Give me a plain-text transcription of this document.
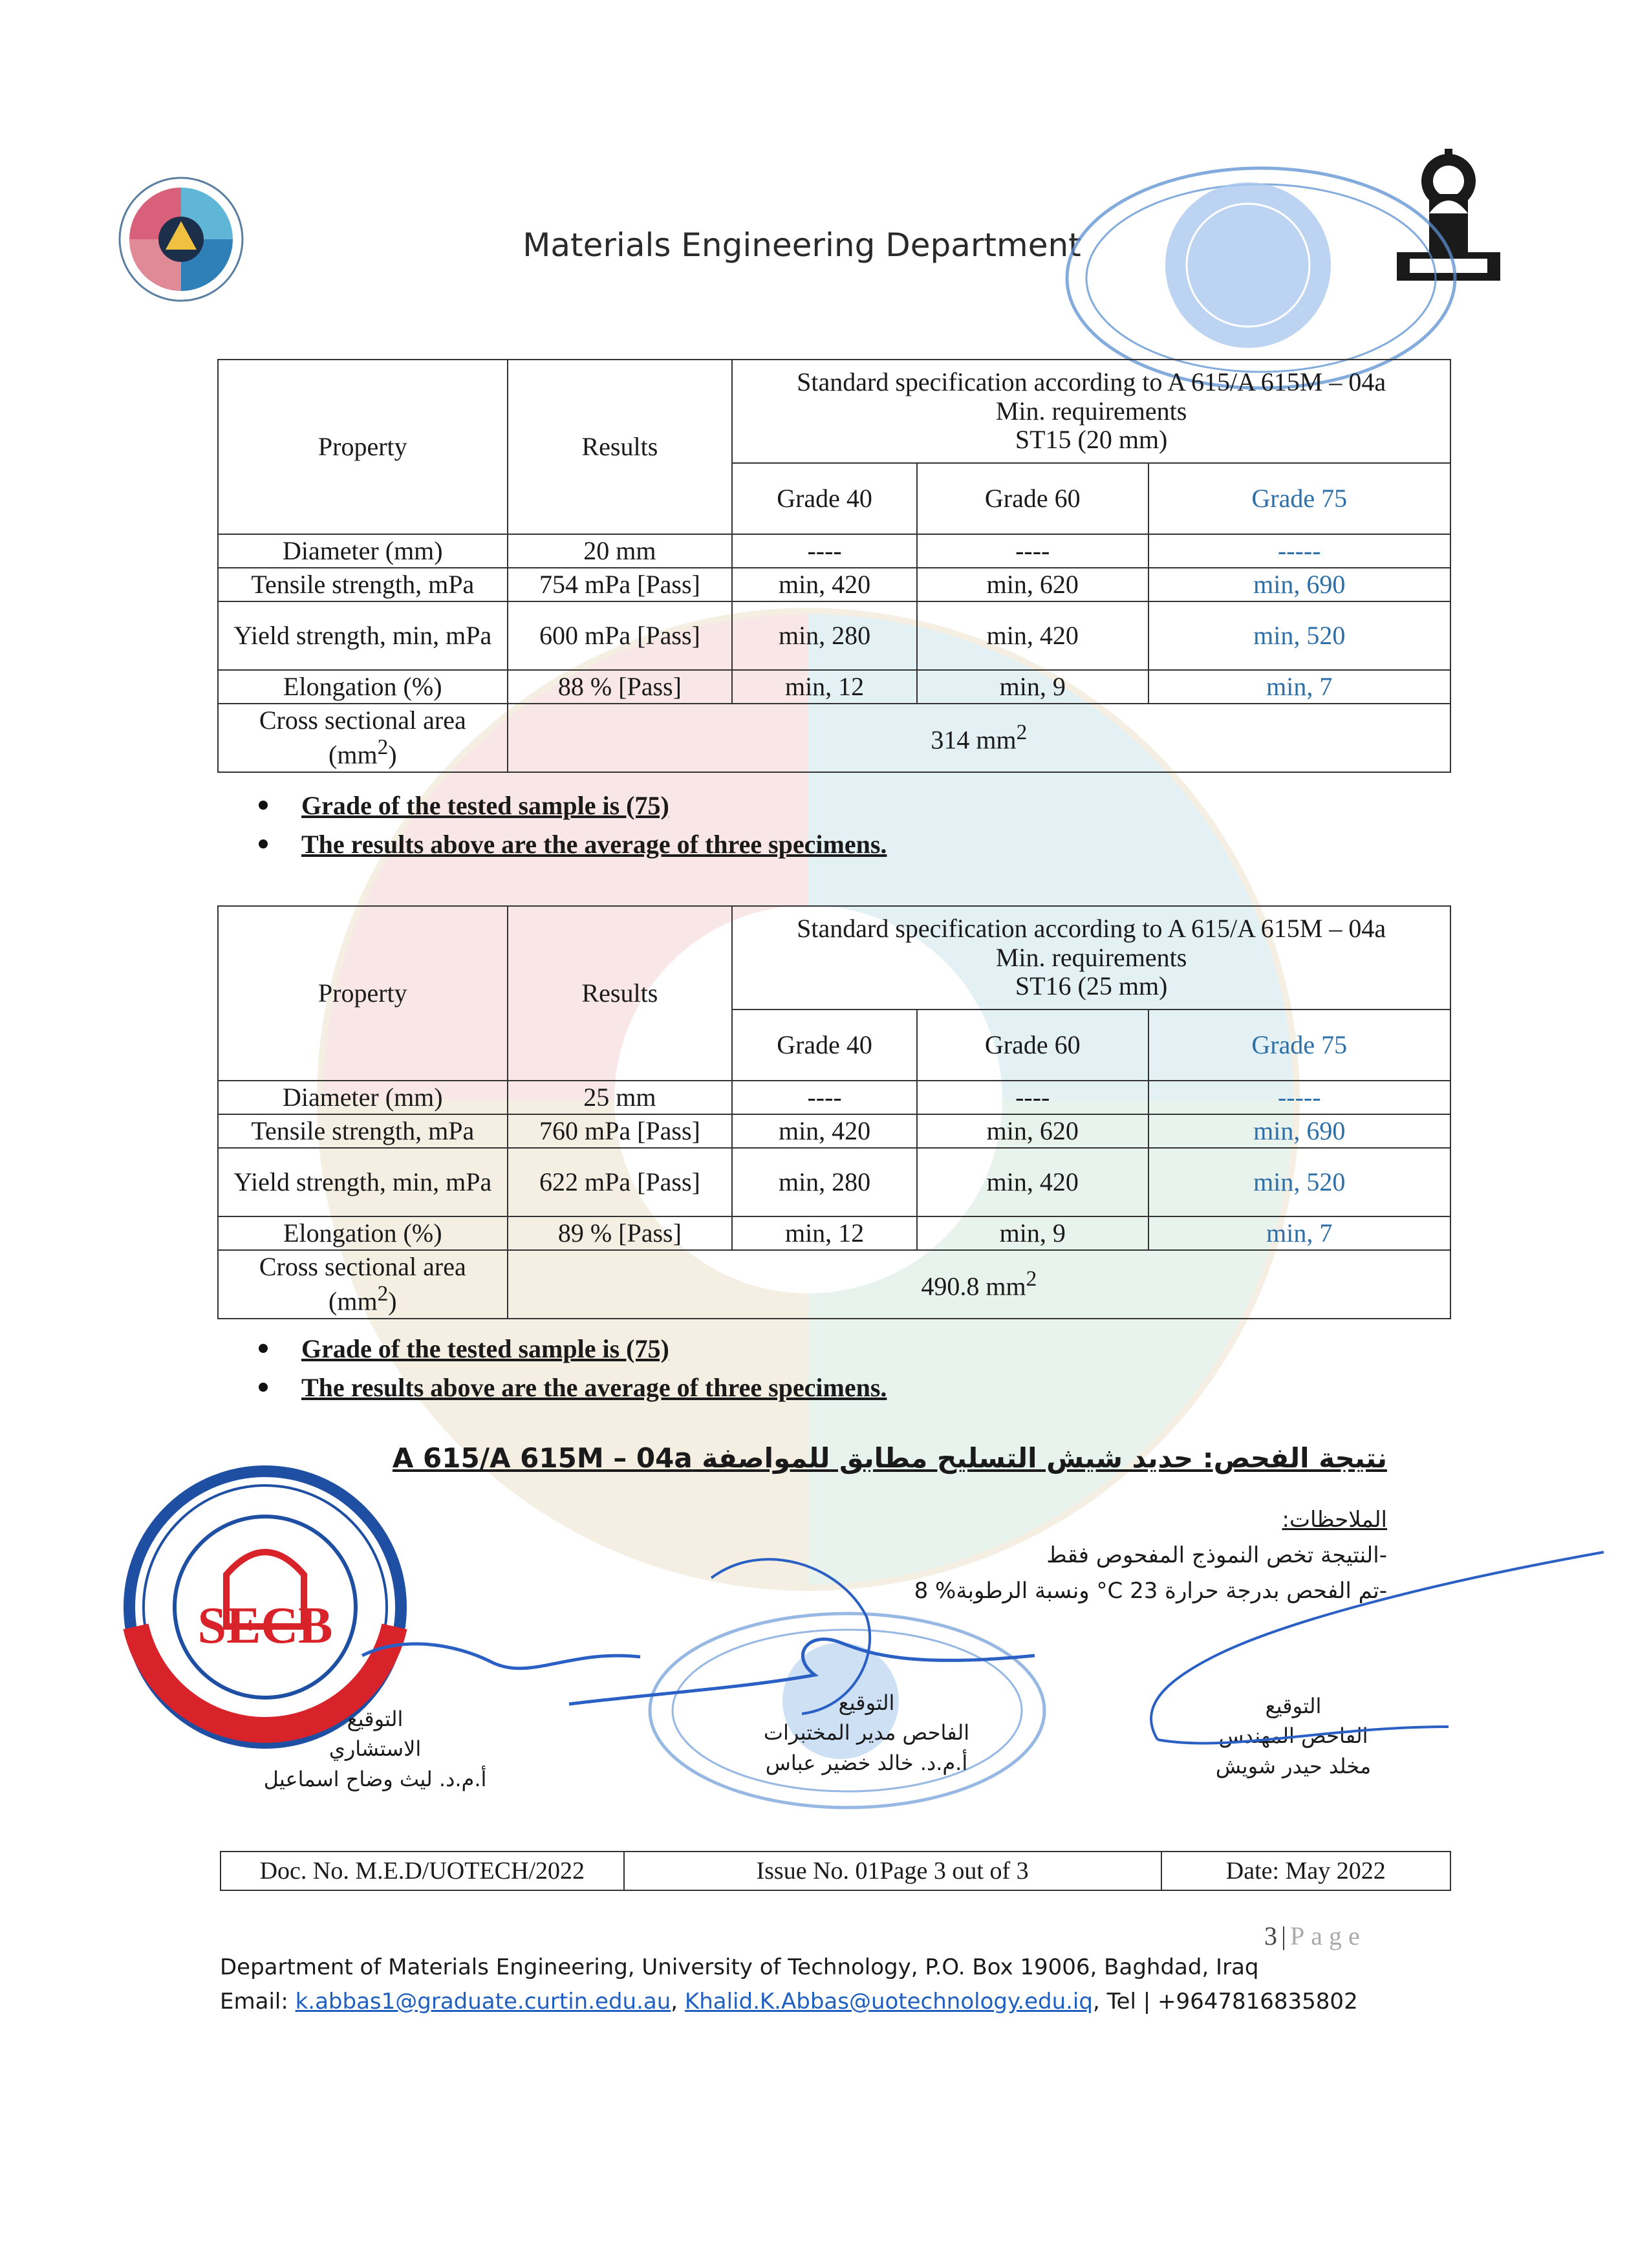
Materials Engineering Department
Property	Results	Standard specification according to A 615/A 615M – 04a
Min. requirements
ST15 (20 mm)		

		Grade 40	Grade 60	Grade 75
Diameter (mm)	20 mm	----	----	-----
Tensile strength, mPa	754 mPa [Pass]	min, 420	min, 620	min, 690
Yield strength, min, mPa	600 mPa [Pass]	min, 280	min, 420	min, 520
Elongation (%)	88 % [Pass]	min, 12	min, 9	min, 7
Cross sectional area
$(mm^2)$	314 $mm^2$
Grade of the tested sample is (75)
The results above are the average of three specimens.
Property	Results	Standard specification according to A 615/A 615M – 04a
Min. requirements
ST16 (25 mm)		

		Grade 40	Grade 60	Grade 75
Diameter (mm)	25 mm	----	----	-----
Tensile strength, mPa	760 mPa [Pass]	min, 420	min, 620	min, 690
Yield strength, min, mPa	622 mPa [Pass]	min, 280	min, 420	min, 520
Elongation (%)	89 % [Pass]	min, 12	min, 9	min, 7
Cross sectional area
$(mm^2)$	490.8 $mm^2$
Grade of the tested sample is (75)
The results above are the average of three specimens.
نتيجة الفحص: حديد شيش التسليح مطابق للمواصفة A 615/A 615M – 04a
الملاحظات:
-النتيجة تخص النموذج المفحوص فقط
-تم الفحص بدرجة حرارة 23 C° ونسبة الرطوبة% 8
SECB
التوقيع
الاستشاري
أ.م.د. ليث وضاح اسماعيل
التوقيع
الفاحص مدير المختبرات
أ.م.د. خالد خضير عباس
التوقيع
الفاحص المهندس
مخلد حيدر شويش
Doc. No. M.E.D/UOTECH/2022	Issue No. 01Page 3 out of 3	Date: May 2022
3 | Page
Department of Materials Engineering, University of Technology, P.O. Box 19006, Baghdad, Iraq
Email: k.abbas1@graduate.curtin.edu.au, Khalid.K.Abbas@uotechnology.edu.iq, Tel | +9647816835802
